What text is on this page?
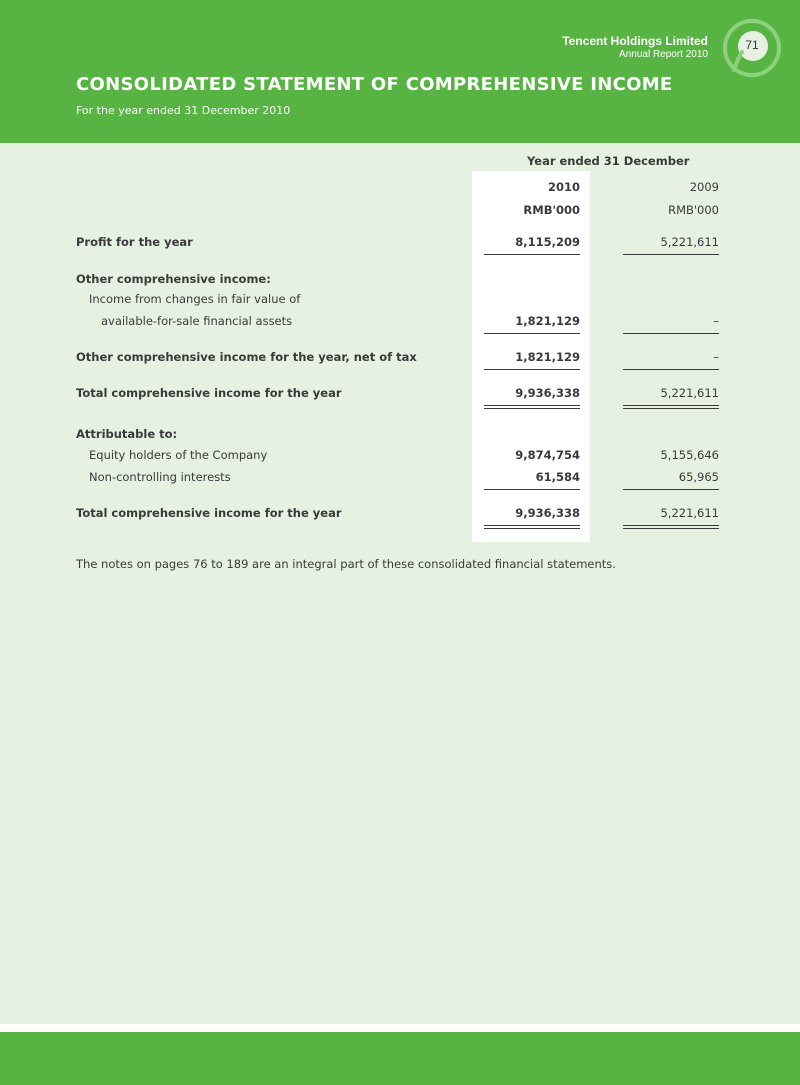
Tencent Holdings Limited
Annual Report 2010
71
CONSOLIDATED STATEMENT OF COMPREHENSIVE INCOME
For the year ended 31 December 2010
Year ended 31 December
2010	2009
RMB'000	RMB'000
Profit for the year	8,115,209	5,221,611
Other comprehensive income:
Income from changes in fair value of
available-for-sale financial assets	1,821,129	–
Other comprehensive income for the year, net of tax	1,821,129	–
Total comprehensive income for the year	9,936,338	5,221,611
Attributable to:
Equity holders of the Company	9,874,754	5,155,646
Non-controlling interests	61,584	65,965
Total comprehensive income for the year	9,936,338	5,221,611
The notes on pages 76 to 189 are an integral part of these consolidated financial statements.
